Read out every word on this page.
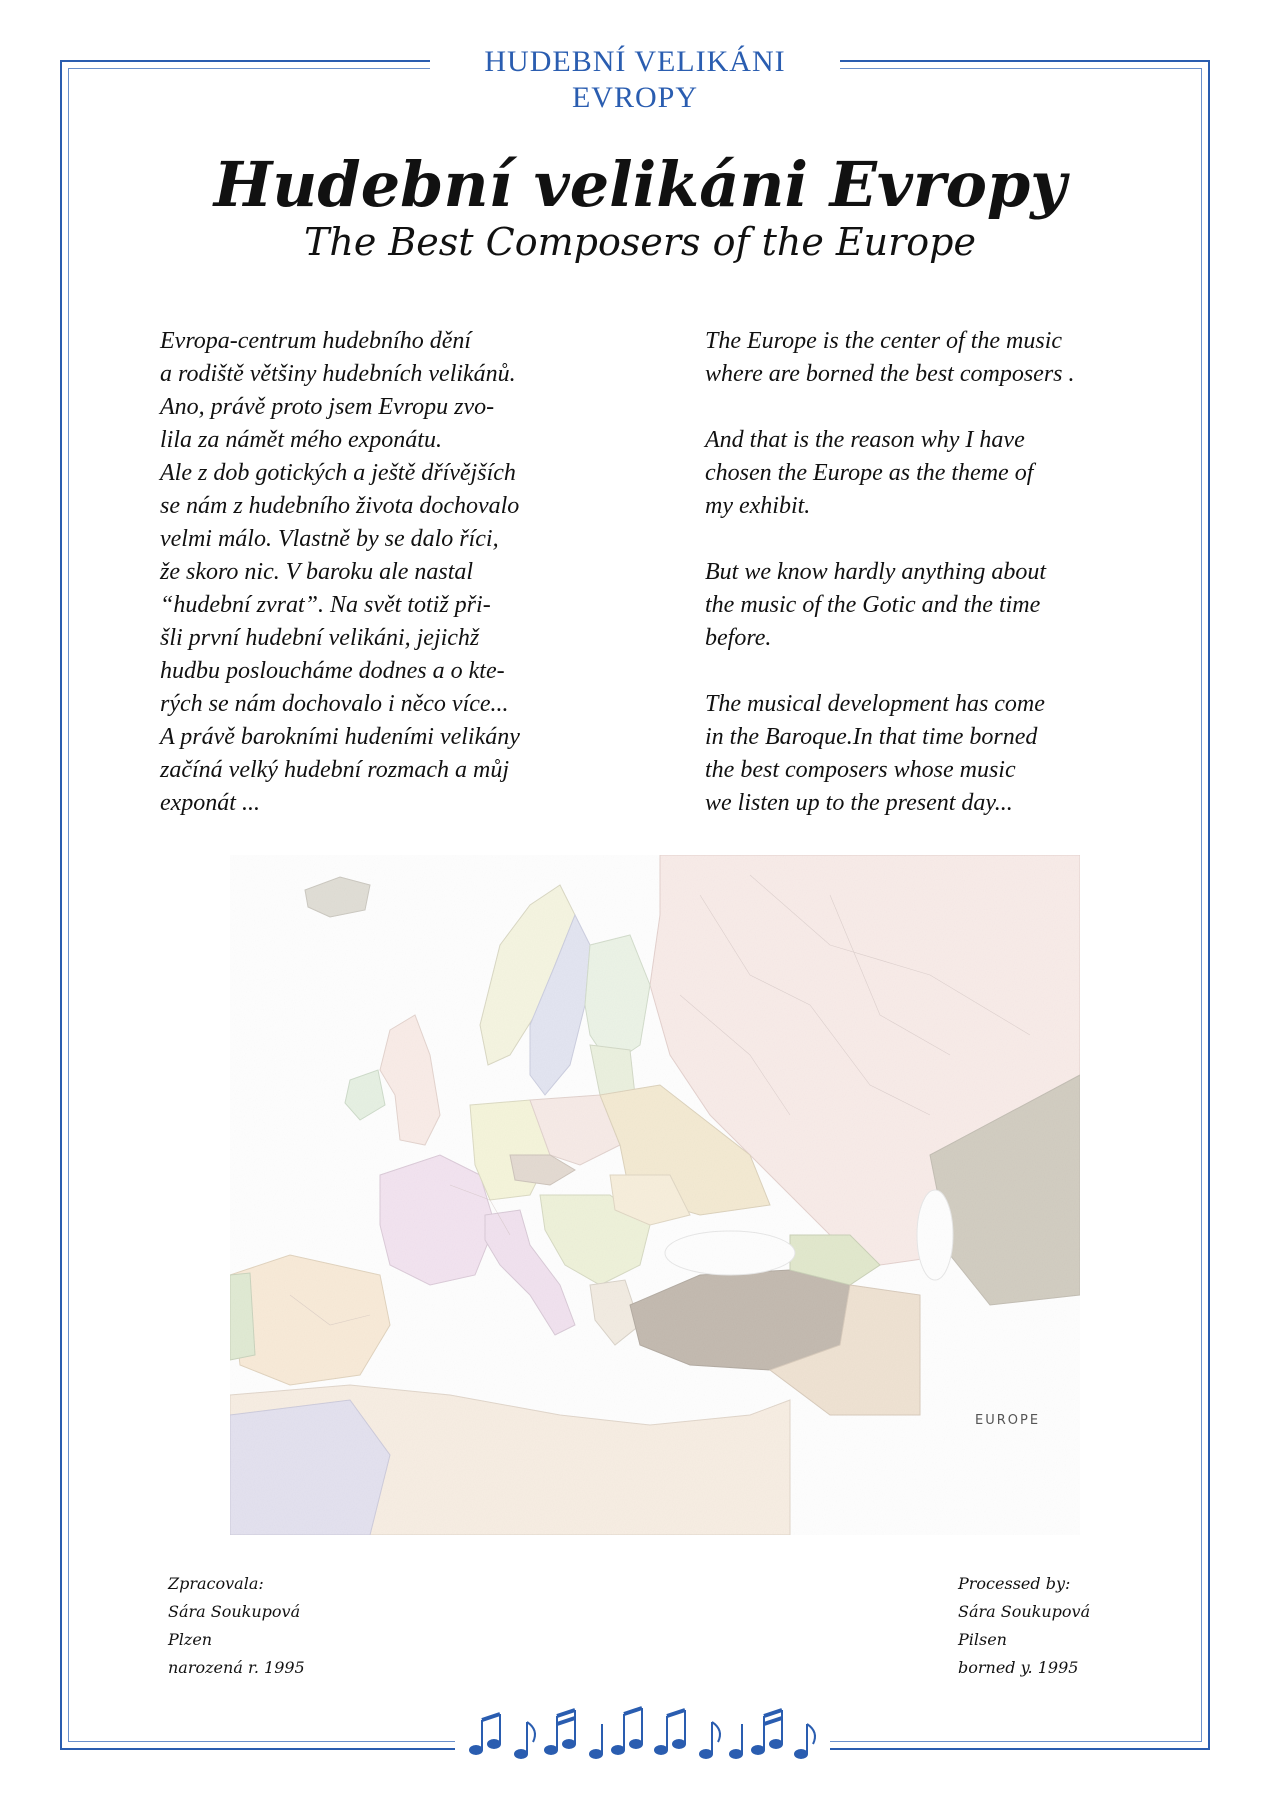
HUDEBNÍ VELIKÁNI
EVROPY
Hudební velikáni Evropy
The Best Composers of the Europe
Evropa-centrum hudebního dění
a rodiště většiny hudebních velikánů.
Ano, právě proto jsem Evropu zvo-
lila za námět mého exponátu.
Ale z dob gotických a ještě dřívějších
se nám z hudebního života dochovalo
velmi málo. Vlastně by se dalo říci,
že skoro nic. V baroku ale nastal
“hudební zvrat”. Na svět totiž při-
šli první hudební velikáni, jejichž
hudbu posloucháme dodnes a o kte-
rých se nám dochovalo i něco více...
A právě barokními hudeními velikány
začíná velký hudební rozmach a můj
exponát ...
The Europe is the center of the music
where are borned the best composers .
And that is the reason why I have
chosen the Europe as the theme of
my exhibit.
But we know hardly anything about
the music of the Gotic and the time
before.
The musical development has come
in the Baroque.In that time borned
the best composers whose music
we listen up to the present day...
EUROPE
Zpracovala:
Sára Soukupová
Plzen
narozená r. 1995
Processed by:
Sára Soukupová
Pilsen
borned y. 1995
